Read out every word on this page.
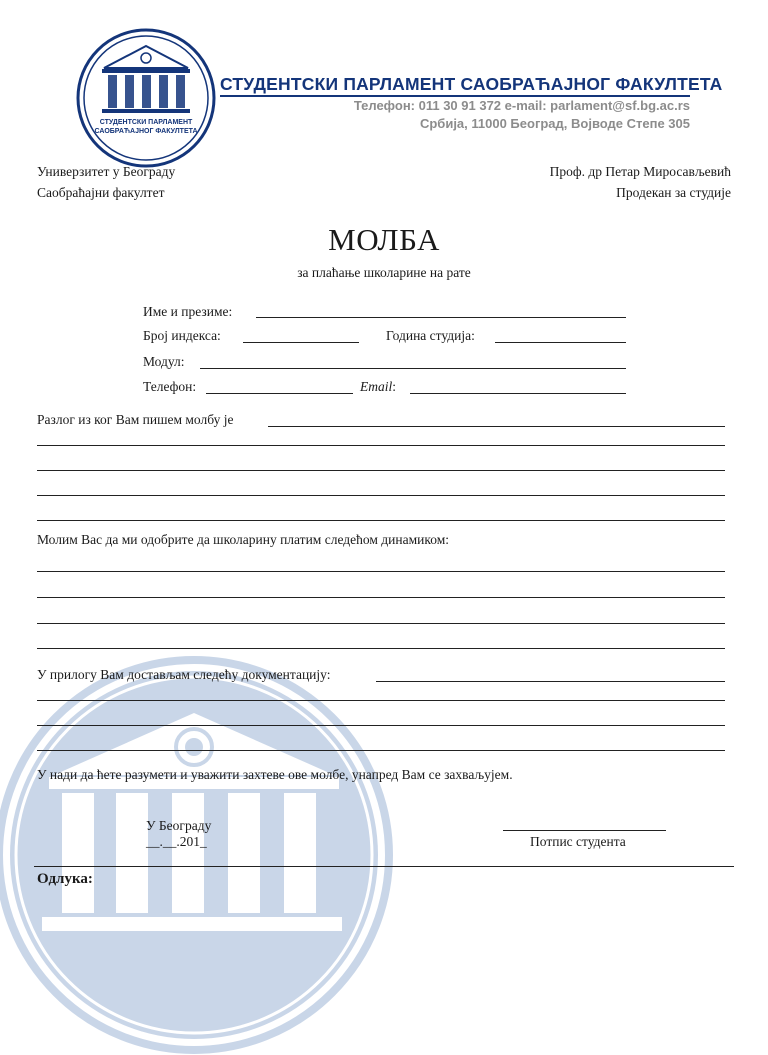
СТУДЕНТСКИ ПАРЛАМЕНТ
САОБРАЋАЈНОГ ФАКУЛТЕТА
СТУДЕНТСКИ ПАРЛАМЕНТ САОБРАЋАЈНОГ ФАКУЛТЕТА
Телефон: 011 30 91 372 e-mail: parlament@sf.bg.ac.rs
Србија, 11000 Београд, Војводе Степе 305
Универзитет у Београду
Саобраћајни факултет
Проф. др Петар Миросављевић
Продекан за студије
МОЛБА
за плаћање школарине на рате
Име и презиме:
Број индекса:	Година студија:
Модул:
Телефон:	Email:
Разлог из ког Вам пишем молбу је
Молим Вас да ми одобрите да школарину платим следећом динамиком:
У прилогу Вам достављам следећу документацију:
У нади да ћете разумети и уважити захтеве ове молбе, унапред Вам се захваљујем.
У Београду
__.__.201_	Потпис студента
Одлука:
